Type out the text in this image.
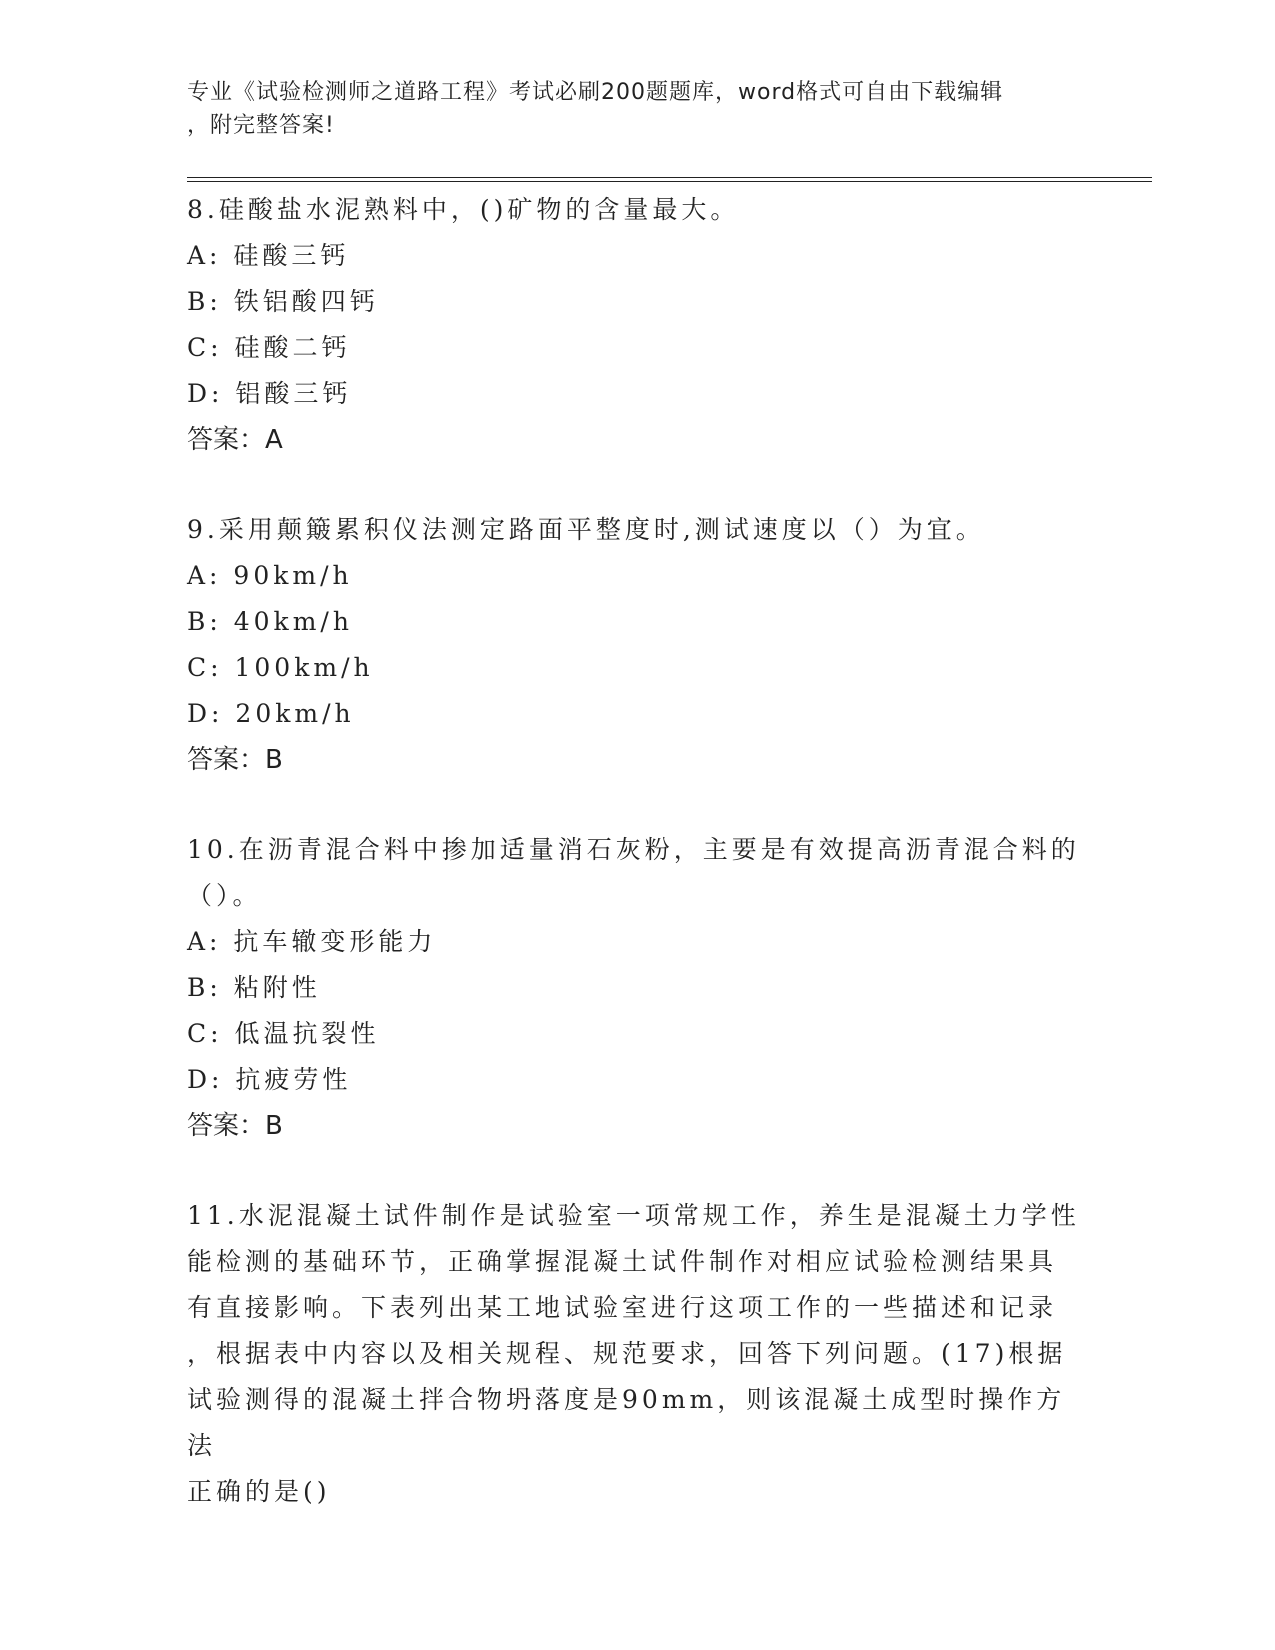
专业《试验检测师之道路工程》考试必刷200题题库，word格式可自由下载编辑
，附完整答案!

8.硅酸盐水泥熟料中，()矿物的含量最大。

A: 硅酸三钙

B: 铁铝酸四钙

C: 硅酸二钙

D: 铝酸三钙

答案：A

9.采用颠簸累积仪法测定路面平整度时,测试速度以（）为宜。

A: 90km/h

B: 40km/h

C: 100km/h

D: 20km/h

答案：B

10.在沥青混合料中掺加适量消石灰粉，主要是有效提高沥青混合料的

（）。

A: 抗车辙变形能力

B: 粘附性

C: 低温抗裂性

D: 抗疲劳性

答案：B

11.水泥混凝土试件制作是试验室一项常规工作，养生是混凝土力学性

能检测的基础环节，正确掌握混凝土试件制作对相应试验检测结果具

有直接影响。下表列出某工地试验室进行这项工作的一些描述和记录

，根据表中内容以及相关规程、规范要求，回答下列问题。(17)根据

试验测得的混凝土拌合物坍落度是90mm，则该混凝土成型时操作方法

正确的是()
